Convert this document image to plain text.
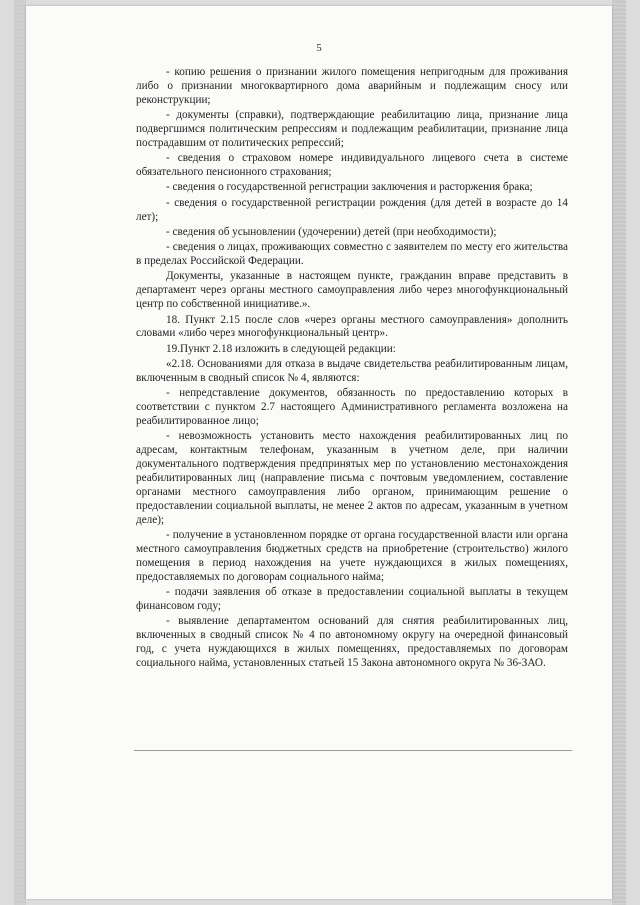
5

- копию решения о признании жилого помещения непригодным для проживания либо о признании многоквартирного дома аварийным и подлежащим сносу или реконструкции;

- документы (справки), подтверждающие реабилитацию лица, признание лица подвергшимся политическим репрессиям и подлежащим реабилитации, признание лица пострадавшим от политических репрессий;

- сведения о страховом номере индивидуального лицевого счета в системе обязательного пенсионного страхования;

- сведения о государственной регистрации заключения и расторжения брака;

- сведения о государственной регистрации рождения (для детей в возрасте до 14 лет);

- сведения об усыновлении (удочерении) детей (при необходимости);

- сведения о лицах, проживающих совместно с заявителем по месту его жительства в пределах Российской Федерации.

Документы, указанные в настоящем пункте, гражданин вправе представить в департамент через органы местного самоуправления либо через многофункциональный центр по собственной инициативе.».

18. Пункт 2.15 после слов «через органы местного самоуправления» дополнить словами «либо через многофункциональный центр».

19.Пункт 2.18 изложить в следующей редакции:

«2.18. Основаниями для отказа в выдаче свидетельства реабилитированным лицам, включенным в сводный список № 4, являются:

- непредставление документов, обязанность по предоставлению которых в соответствии с пунктом 2.7 настоящего Административного регламента возложена на реабилитированное лицо;

- невозможность установить место нахождения реабилитированных лиц по адресам, контактным телефонам, указанным в учетном деле, при наличии документального подтверждения предпринятых мер по установлению местонахождения реабилитированных лиц (направление письма с почтовым уведомлением, составление органами местного самоуправления либо органом, принимающим решение о предоставлении социальной выплаты, не менее 2 актов по адресам, указанным в учетном деле);

- получение в установленном порядке от органа государственной власти или органа местного самоуправления бюджетных средств на приобретение (строительство) жилого помещения в период нахождения на учете нуждающихся в жилых помещениях, предоставляемых по договорам социального найма;

- подачи заявления об отказе в предоставлении социальной выплаты в текущем финансовом году;

- выявление департаментом оснований для снятия реабилитированных лиц, включенных в сводный список № 4 по автономному округу на очередной финансовый год, с учета нуждающихся в жилых помещениях, предоставляемых по договорам социального найма, установленных статьей 15 Закона автономного округа № 36-ЗАО.
